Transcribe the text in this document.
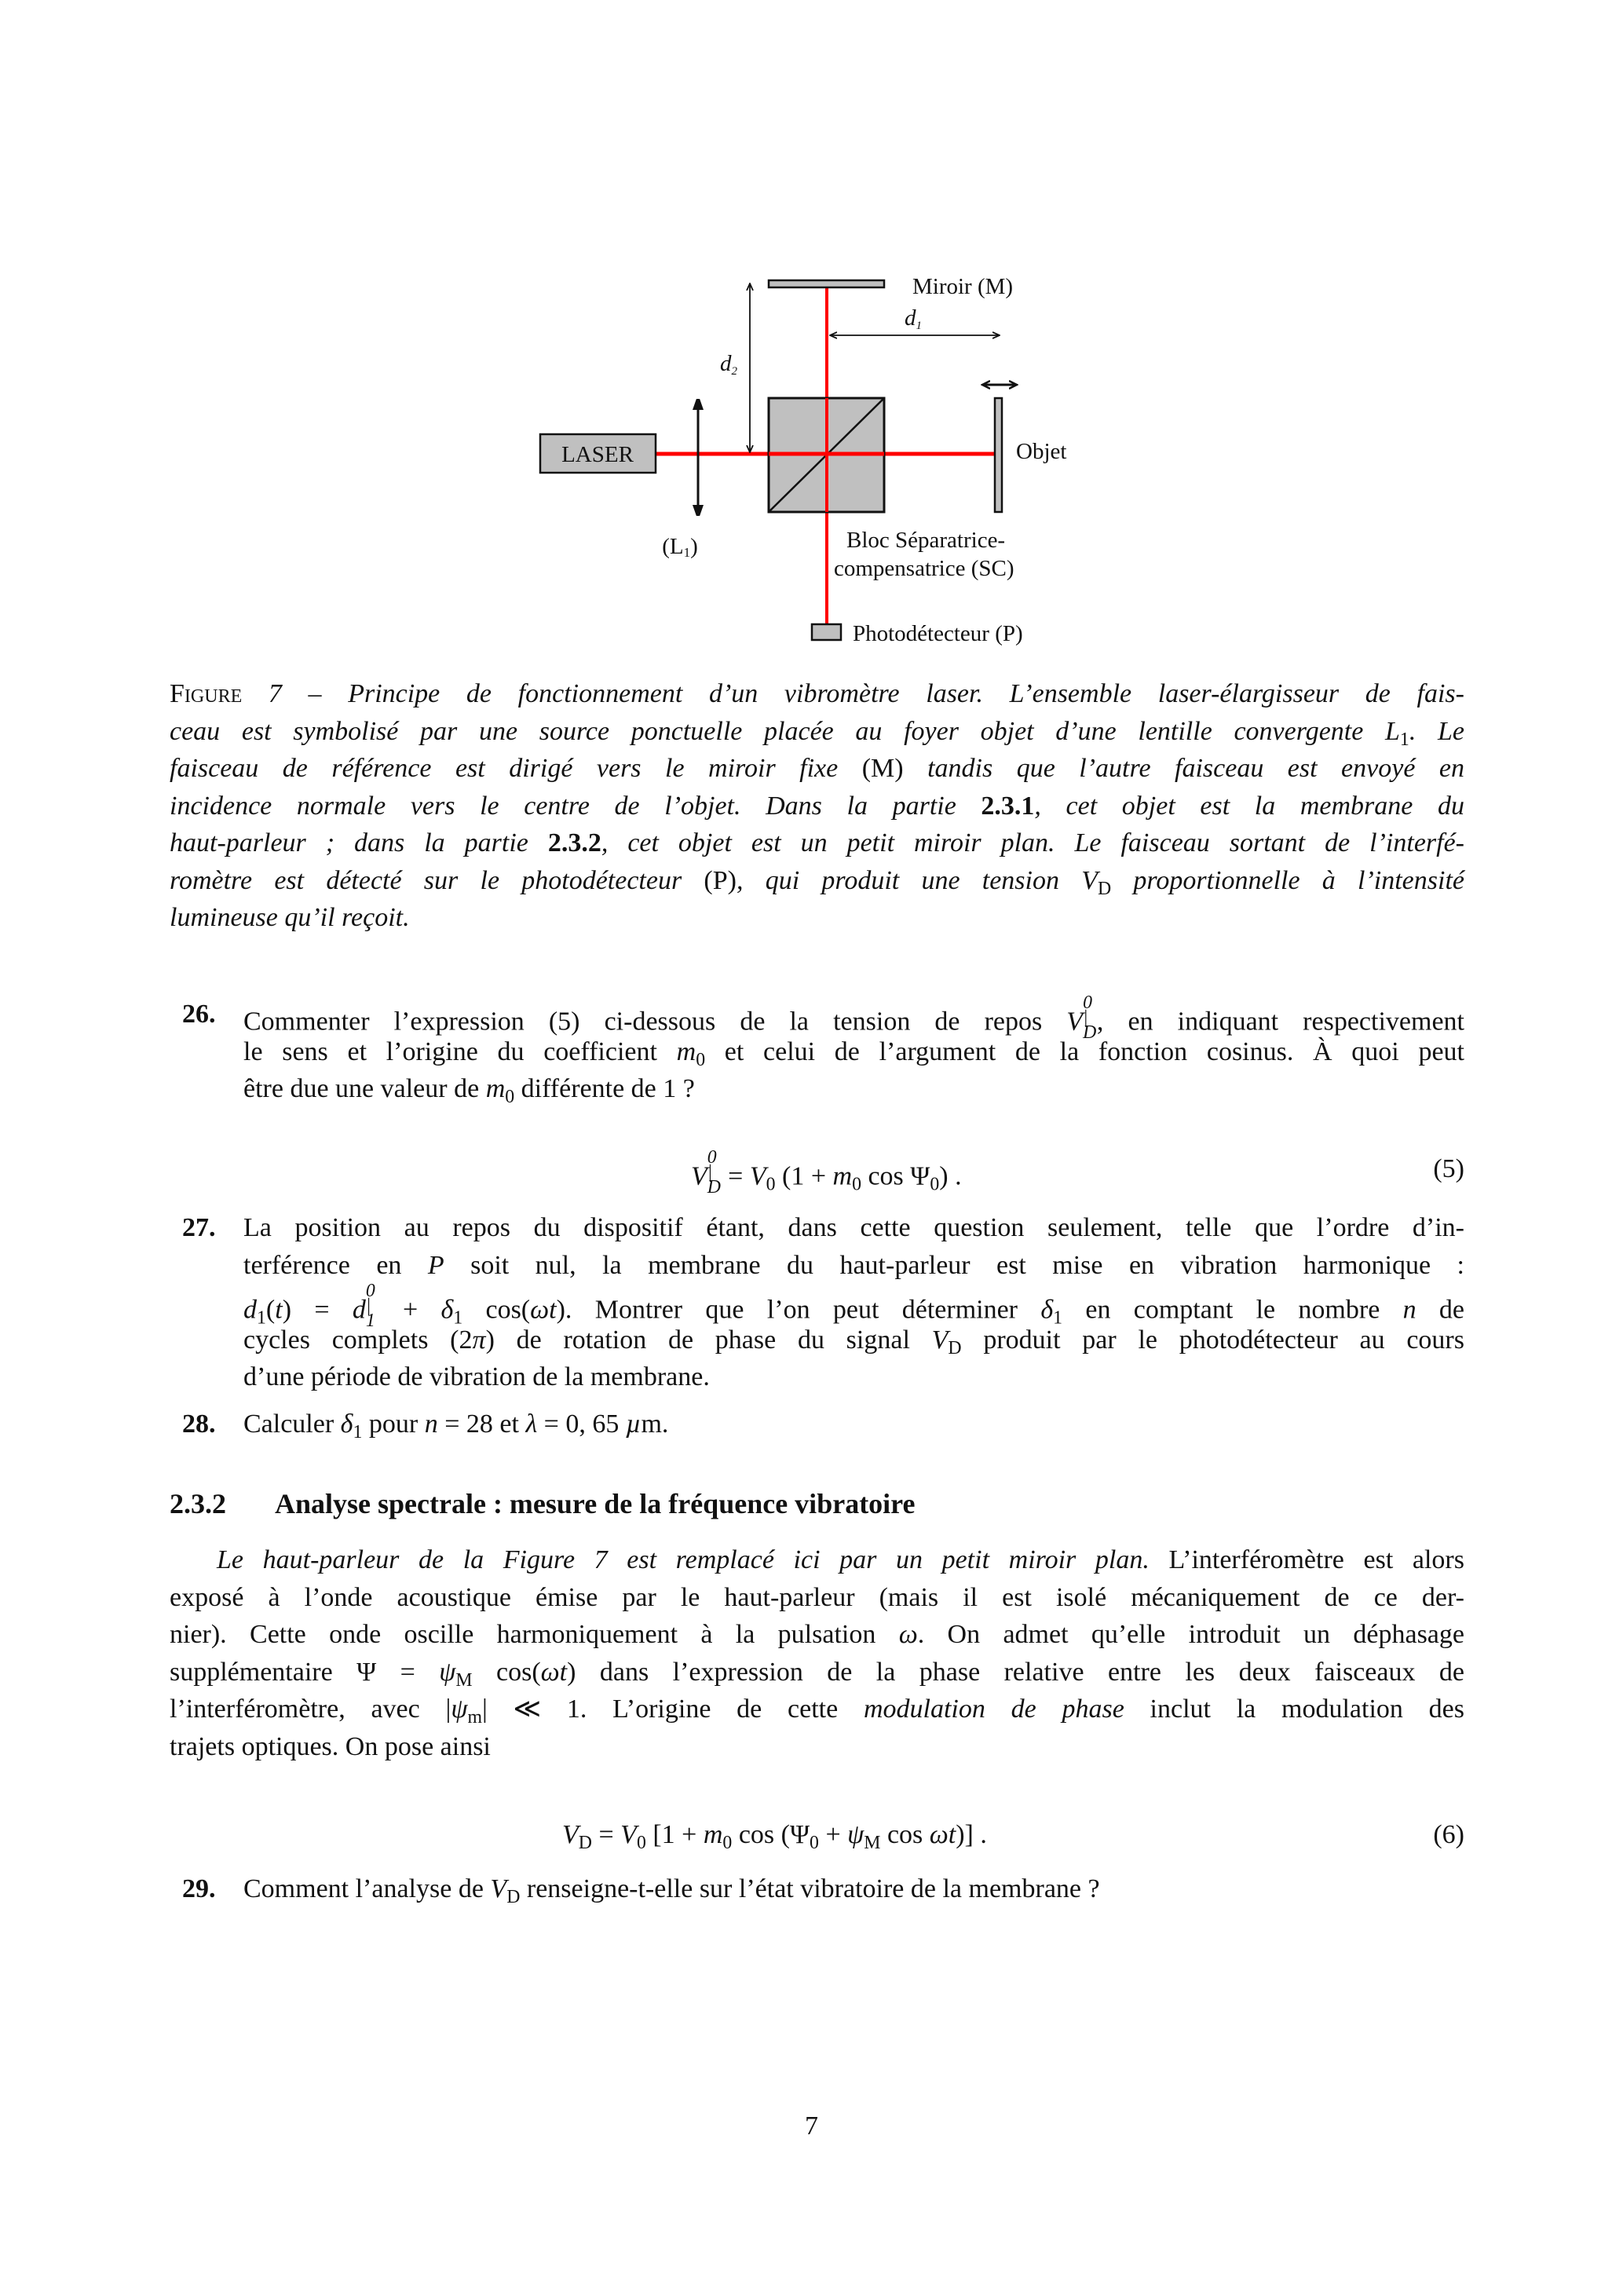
LASER
(L1)
d2
Bloc Séparatrice-
compensatrice (SC)
Miroir (M)
d1
Objet
Photodétecteur (P)
Figure 7 – Principe de fonctionnement d’un vibromètre laser. L’ensemble laser-élargisseur de fais-
ceau est symbolisé par une source ponctuelle placée au foyer objet d’une lentille convergente $L_1$. Le
faisceau de référence est dirigé vers le miroir fixe (M) tandis que l’autre faisceau est envoyé en
incidence normale vers le centre de l’objet. Dans la partie 2.3.1, cet objet est la membrane du
haut-parleur ; dans la partie 2.3.2, cet objet est un petit miroir plan. Le faisceau sortant de l’interfé-
romètre est détecté sur le photodétecteur (P), qui produit une tension $V_D$ proportionnelle à l’intensité
lumineuse qu’il reçoit.
26. Commenter l’expression (5) ci-dessous de la tension de repos V0|D, en indiquant respectivement
le sens et l’origine du coefficient $m_0$ et celui de l’argument de la fonction cosinus. À quoi peut
être due une valeur de $m_0$ différente de 1 ?
$V0|D = V_0$ ($1 + m_0$ $\cos \Psi_0$) .	(5)
27. La position au repos du dispositif étant, dans cette question seulement, telle que l’ordre d’in-
terférence en P soit nul, la membrane du haut-parleur est mise en vibration harmonique :
$d_1(t) = d0|1 + \delta_1$ cos(ωt). Montrer que l’on peut déterminer $\delta_1$ en comptant le nombre n de
cycles complets (2π) de rotation de phase du signal $V_D$ produit par le photodétecteur au cours
d’une période de vibration de la membrane.
28. Calculer $\delta_1$ pour n = 28 et λ = 0, 65 µm.
2.3.2 Analyse spectrale : mesure de la fréquence vibratoire
Le haut-parleur de la Figure 7 est remplacé ici par un petit miroir plan. L’interféromètre est alors
exposé à l’onde acoustique émise par le haut-parleur (mais il est isolé mécaniquement de ce der-
nier). Cette onde oscille harmoniquement à la pulsation ω. On admet qu’elle introduit un déphasage
supplémentaire $\Psi = \psi_M$ cos(ωt) dans l’expression de la phase relative entre les deux faisceaux de
l’interféromètre, avec $|\psi_m|$ ≪ 1. L’origine de cette modulation de phase inclut la modulation des
trajets optiques. On pose ainsi
$V_D = V_0$ [$1 + m_0$ $\cos (\Psi_0 + \psi_M$ cos ωt)] .	(6)
29. Comment l’analyse de $V_D$ renseigne-t-elle sur l’état vibratoire de la membrane ?
7
